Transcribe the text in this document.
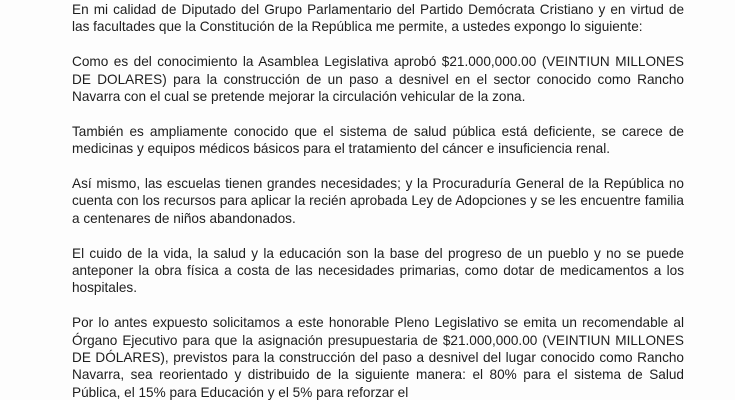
En mi calidad de Diputado del Grupo Parlamentario del Partido Demócrata Cristiano y en virtud de las facultades que la Constitución de la República me permite, a ustedes expongo lo siguiente:

Como es del conocimiento la Asamblea Legislativa aprobó $21.000,000.00 (VEINTIUN MILLONES DE DOLARES) para la construcción de un paso a desnivel en el sector conocido como Rancho Navarra con el cual se pretende mejorar la circulación vehicular de la zona.

También es ampliamente conocido que el sistema de salud pública está deficiente, se carece de medicinas y equipos médicos básicos para el tratamiento del cáncer e insuficiencia renal.

Así mismo, las escuelas tienen grandes necesidades; y la Procuraduría General de la República no cuenta con los recursos para aplicar la recién aprobada Ley de Adopciones y se les encuentre familia a centenares de niños abandonados.

El cuido de la vida, la salud y la educación son la base del progreso de un pueblo y no se puede anteponer la obra física a costa de las necesidades primarias, como dotar de medicamentos a los hospitales.

Por lo antes expuesto solicitamos a este honorable Pleno Legislativo se emita un recomendable al Órgano Ejecutivo para que la asignación presupuestaria de $21.000,000.00 (VEINTIUN MILLONES DE DÓLARES), previstos para la construcción del paso a desnivel del lugar conocido como Rancho Navarra, sea reorientado y distribuido de la siguiente manera: el 80% para el sistema de Salud Pública, el 15% para Educación y el 5% para reforzar el
